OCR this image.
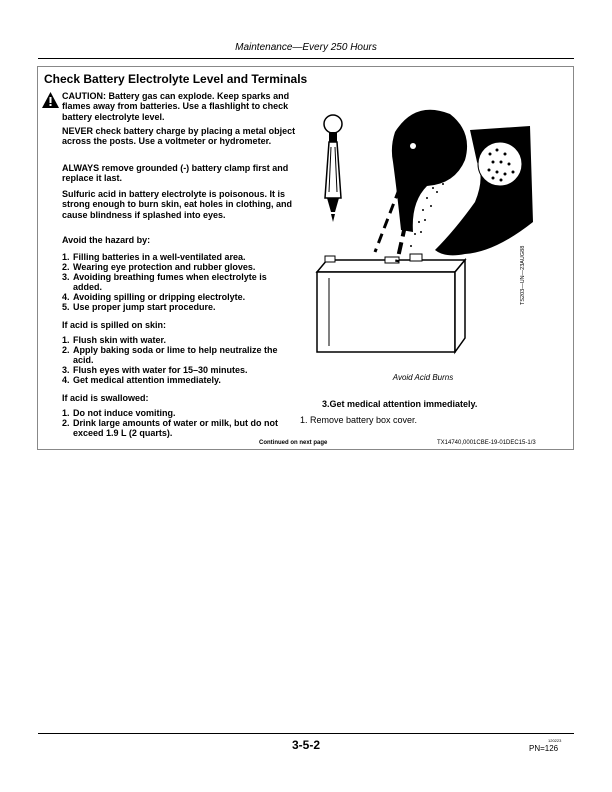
Maintenance—Every 250 Hours
Check Battery Electrolyte Level and Terminals

CAUTION: Battery gas can explode. Keep sparks and flames away from batteries. Use a flashlight to check battery electrolyte level.

NEVER check battery charge by placing a metal object across the posts. Use a voltmeter or hydrometer.

ALWAYS remove grounded (-) battery clamp first and replace it last.

Sulfuric acid in battery electrolyte is poisonous. It is strong enough to burn skin, eat holes in clothing, and cause blindness if splashed into eyes.

Avoid the hazard by:

1. Filling batteries in a well-ventilated area.
2. Wearing eye protection and rubber gloves.
3. Avoiding breathing fumes when electrolyte is added.
4. Avoiding spilling or dripping electrolyte.
5. Use proper jump start procedure.
If acid is spilled on skin:
1. Flush skin with water.
2. Apply baking soda or lime to help neutralize the acid.
3. Flush eyes with water for 15–30 minutes.
4. Get medical attention immediately.
If acid is swallowed:
1. Do not induce vomiting.
2. Drink large amounts of water or milk, but do not exceed 1.9 L (2 quarts).
TS203—UN—23AUG88
Avoid Acid Burns
3.Get medical attention immediately.
1. Remove battery box cover.
Continued on next page	TX14740,0001CBE-19-01DEC15-1/3
3-5-2	120223
PN=126
